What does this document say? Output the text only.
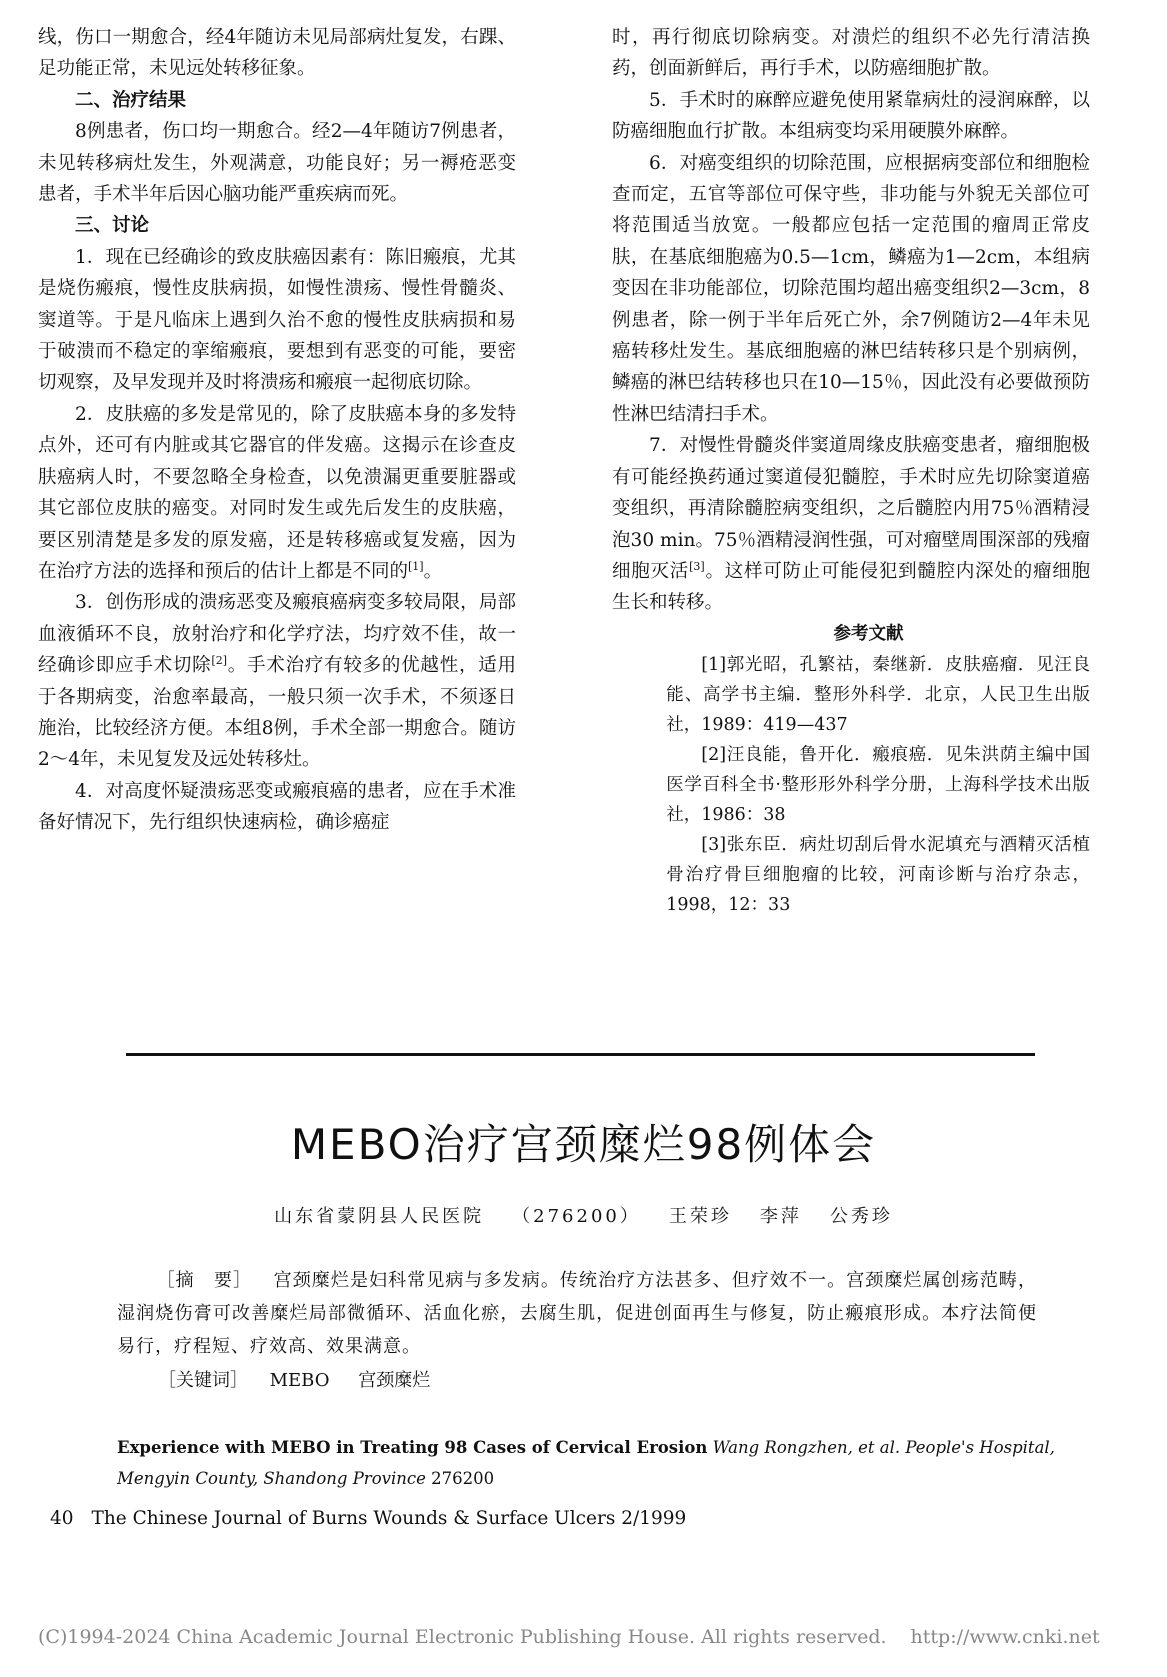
线，伤口一期愈合，经4年随访未见局部病灶复发，右踝、足功能正常，未见远处转移征象。

二、治疗结果

8例患者，伤口均一期愈合。经2—4年随访7例患者，未见转移病灶发生，外观满意，功能良好；另一褥疮恶变患者，手术半年后因心脑功能严重疾病而死。

三、讨论

1．现在已经确诊的致皮肤癌因素有：陈旧瘢痕，尤其是烧伤瘢痕，慢性皮肤病损，如慢性溃疡、慢性骨髓炎、窦道等。于是凡临床上遇到久治不愈的慢性皮肤病损和易于破溃而不稳定的挛缩瘢痕，要想到有恶变的可能，要密切观察，及早发现并及时将溃疡和瘢痕一起彻底切除。

2．皮肤癌的多发是常见的，除了皮肤癌本身的多发特点外，还可有内脏或其它器官的伴发癌。这揭示在诊查皮肤癌病人时，不要忽略全身检查，以免溃漏更重要脏器或其它部位皮肤的癌变。对同时发生或先后发生的皮肤癌，要区别清楚是多发的原发癌，还是转移癌或复发癌，因为在治疗方法的选择和预后的估计上都是不同的[1]。

3．创伤形成的溃疡恶变及瘢痕癌病变多较局限，局部血液循环不良，放射治疗和化学疗法，均疗效不佳，故一经确诊即应手术切除[2]。手术治疗有较多的优越性，适用于各期病变，治愈率最高，一般只须一次手术，不须逐日施治，比较经济方便。本组8例，手术全部一期愈合。随访2～4年，未见复发及远处转移灶。

4．对高度怀疑溃疡恶变或瘢痕癌的患者，应在手术准备好情况下，先行组织快速病检，确诊癌症

时，再行彻底切除病变。对溃烂的组织不必先行清洁换药，创面新鲜后，再行手术，以防癌细胞扩散。

5．手术时的麻醉应避免使用紧靠病灶的浸润麻醉，以防癌细胞血行扩散。本组病变均采用硬膜外麻醉。

6．对癌变组织的切除范围，应根据病变部位和细胞检查而定，五官等部位可保守些，非功能与外貌无关部位可将范围适当放宽。一般都应包括一定范围的瘤周正常皮肤，在基底细胞癌为0.5—1cm，鳞癌为1—2cm，本组病变因在非功能部位，切除范围均超出癌变组织2—3cm，8例患者，除一例于半年后死亡外，余7例随访2—4年未见癌转移灶发生。基底细胞癌的淋巴结转移只是个别病例，鳞癌的淋巴结转移也只在10—15％，因此没有必要做预防性淋巴结清扫手术。

7．对慢性骨髓炎伴窦道周缘皮肤癌变患者，瘤细胞极有可能经换药通过窦道侵犯髓腔，手术时应先切除窦道癌变组织，再清除髓腔病变组织，之后髓腔内用75％酒精浸泡30 min。75％酒精浸润性强，可对瘤壁周围深部的残瘤细胞灭活[3]。这样可防止可能侵犯到髓腔内深处的瘤细胞生长和转移。

参考文献

[1]郭光昭，孔繁祜，秦继新．皮肤癌瘤．见汪良能、高学书主编．整形外科学．北京，人民卫生出版社，1989：419—437

[2]汪良能，鲁开化．瘢痕癌．见朱洪荫主编中国医学百科全书·整形形外科学分册，上海科学技术出版社，1986：38

[3]张东臣．病灶切刮后骨水泥填充与酒精灭活植骨治疗骨巨细胞瘤的比较，河南诊断与治疗杂志，1998，12：33

MEBO治疗宫颈糜烂98例体会
山东省蒙阴县人民医院 （276200） 王荣珍 李萍 公秀珍
［摘　要］ 宫颈糜烂是妇科常见病与多发病。传统治疗方法甚多、但疗效不一。宫颈糜烂属创疡范畴，湿润烧伤膏可改善糜烂局部微循环、活血化瘀，去腐生肌，促进创面再生与修复，防止瘢痕形成。本疗法简便易行，疗程短、疗效高、效果满意。
［关键词］ MEBO 宫颈糜烂
Experience with MEBO in Treating 98 Cases of Cervical Erosion Wang Rongzhen, et al. People's Hospital, Mengyin County, Shandong Province 276200
40 The Chinese Journal of Burns Wounds & Surface Ulcers 2/1999
(C)1994-2024 China Academic Journal Electronic Publishing House. All rights reserved. http://www.cnki.net
